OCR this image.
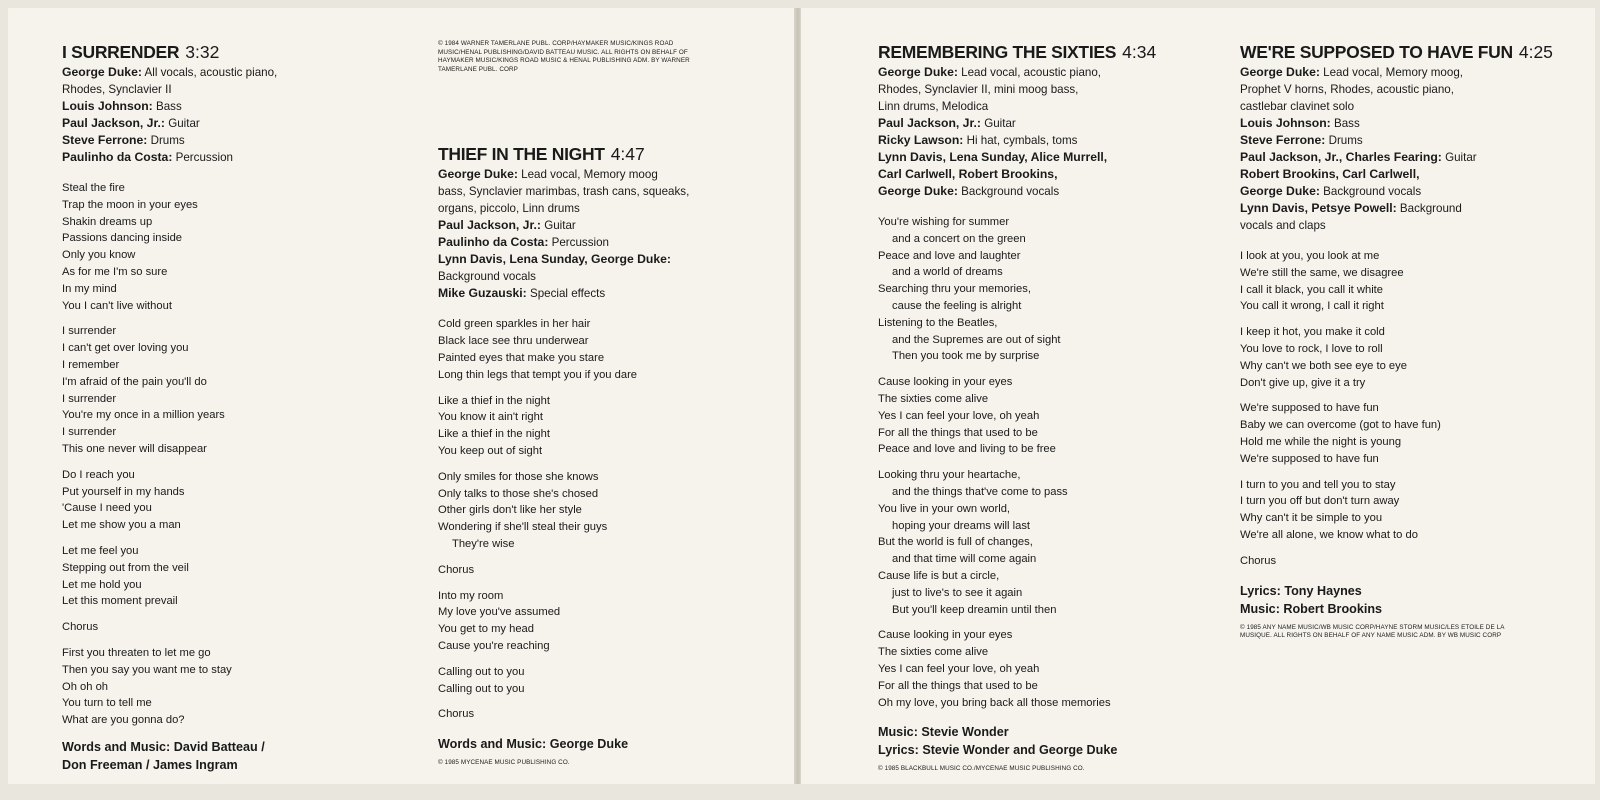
I SURRENDER 3:32
George Duke: All vocals, acoustic piano,
Rhodes, Synclavier II
Louis Johnson: Bass
Paul Jackson, Jr.: Guitar
Steve Ferrone: Drums
Paulinho da Costa: Percussion
Steal the fire
Trap the moon in your eyes
Shakin dreams up
Passions dancing inside
Only you know
As for me I'm so sure
In my mind
You I can't live without
I surrender
I can't get over loving you
I remember
I'm afraid of the pain you'll do
I surrender
You're my once in a million years
I surrender
This one never will disappear
Do I reach you
Put yourself in my hands
'Cause I need you
Let me show you a man
Let me feel you
Stepping out from the veil
Let me hold you
Let this moment prevail
Chorus
First you threaten to let me go
Then you say you want me to stay
Oh oh oh
You turn to tell me
What are you gonna do?
Words and Music: David Batteau /
Don Freeman / James Ingram
© 1984 WARNER TAMERLANE PUBL. CORP/HAYMAKER MUSIC/KINGS ROAD MUSIC/HENAL PUBLISHING/DAVID BATTEAU MUSIC. ALL RIGHTS ON BEHALF OF HAYMAKER MUSIC/KINGS ROAD MUSIC & HENAL PUBLISHING ADM. BY WARNER TAMERLANE PUBL. CORP
THIEF IN THE NIGHT 4:47
George Duke: Lead vocal, Memory moog
bass, Synclavier marimbas, trash cans, squeaks,
organs, piccolo, Linn drums
Paul Jackson, Jr.: Guitar
Paulinho da Costa: Percussion
Lynn Davis, Lena Sunday, George Duke:
Background vocals
Mike Guzauski: Special effects
Cold green sparkles in her hair
Black lace see thru underwear
Painted eyes that make you stare
Long thin legs that tempt you if you dare
Like a thief in the night
You know it ain't right
Like a thief in the night
You keep out of sight
Only smiles for those she knows
Only talks to those she's chosed
Other girls don't like her style
Wondering if she'll steal their guys
They're wise
Chorus
Into my room
My love you've assumed
You get to my head
Cause you're reaching
Calling out to you
Calling out to you
Chorus
Words and Music: George Duke
© 1985 MYCENAE MUSIC PUBLISHING CO.
REMEMBERING THE SIXTIES 4:34
George Duke: Lead vocal, acoustic piano,
Rhodes, Synclavier II, mini moog bass,
Linn drums, Melodica
Paul Jackson, Jr.: Guitar
Ricky Lawson: Hi hat, cymbals, toms
Lynn Davis, Lena Sunday, Alice Murrell,
Carl Carlwell, Robert Brookins,
George Duke: Background vocals
You're wishing for summer
and a concert on the green
Peace and love and laughter
and a world of dreams
Searching thru your memories,
cause the feeling is alright
Listening to the Beatles,
and the Supremes are out of sight
Then you took me by surprise
Cause looking in your eyes
The sixties come alive
Yes I can feel your love, oh yeah
For all the things that used to be
Peace and love and living to be free
Looking thru your heartache,
and the things that've come to pass
You live in your own world,
hoping your dreams will last
But the world is full of changes,
and that time will come again
Cause life is but a circle,
just to live's to see it again
But you'll keep dreamin until then
Cause looking in your eyes
The sixties come alive
Yes I can feel your love, oh yeah
For all the things that used to be
Oh my love, you bring back all those memories
Music: Stevie Wonder
Lyrics: Stevie Wonder and George Duke
© 1985 BLACKBULL MUSIC CO./MYCENAE MUSIC PUBLISHING CO.
WE'RE SUPPOSED TO HAVE FUN 4:25
George Duke: Lead vocal, Memory moog,
Prophet V horns, Rhodes, acoustic piano,
castlebar clavinet solo
Louis Johnson: Bass
Steve Ferrone: Drums
Paul Jackson, Jr., Charles Fearing: Guitar
Robert Brookins, Carl Carlwell,
George Duke: Background vocals
Lynn Davis, Petsye Powell: Background
vocals and claps
I look at you, you look at me
We're still the same, we disagree
I call it black, you call it white
You call it wrong, I call it right
I keep it hot, you make it cold
You love to rock, I love to roll
Why can't we both see eye to eye
Don't give up, give it a try
We're supposed to have fun
Baby we can overcome (got to have fun)
Hold me while the night is young
We're supposed to have fun
I turn to you and tell you to stay
I turn you off but don't turn away
Why can't it be simple to you
We're all alone, we know what to do
Chorus
Lyrics: Tony Haynes
Music: Robert Brookins
© 1985 ANY NAME MUSIC/WB MUSIC CORP/HAYNE STORM MUSIC/LES ETOILE DE LA MUSIQUE. ALL RIGHTS ON BEHALF OF ANY NAME MUSIC ADM. BY WB MUSIC CORP
